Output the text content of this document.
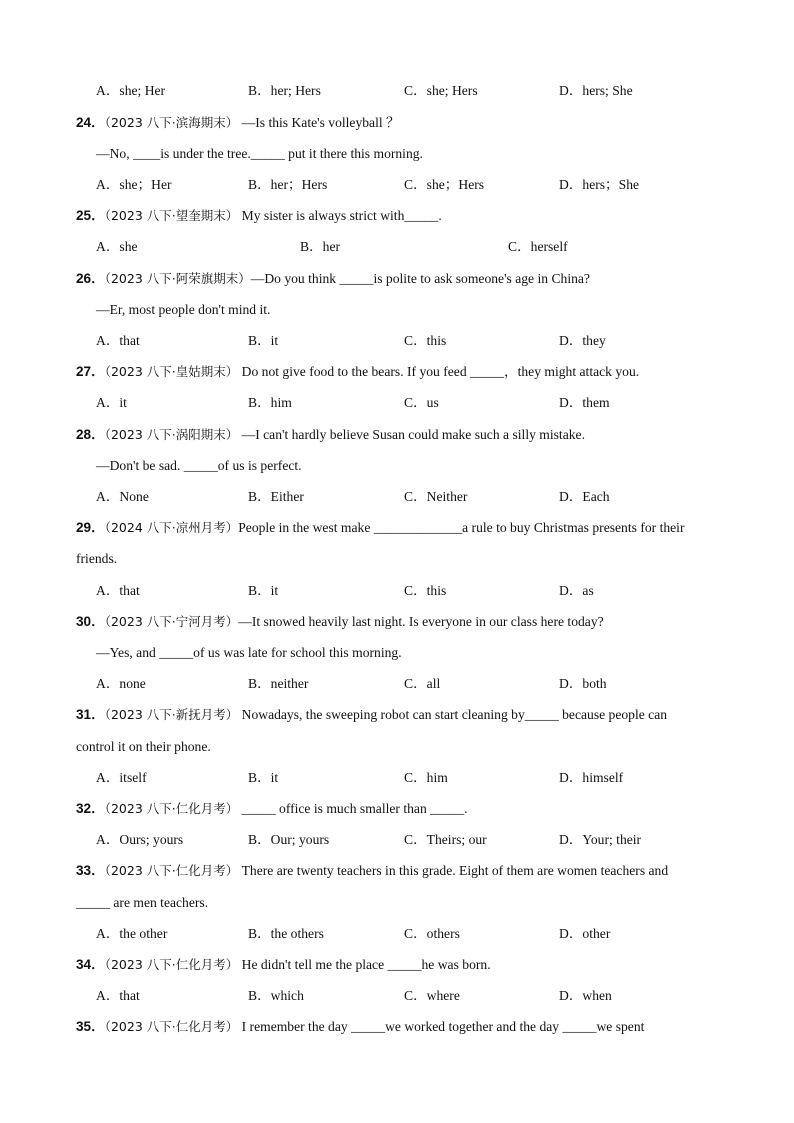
A．she; Her	B．her; Hers	C．she; Hers	D．hers; She
24．（2023 八下·滨海期末） —Is this Kate's volleyball ？
—No, ____is under the tree._____ put it there this morning.
A．she；Her	B．her；Hers	C．she；Hers	D．hers；She
25．（2023 八下·望奎期末） My sister is always strict with_____.
A．she	B．her	C．herself
26．（2023 八下·阿荣旗期末）—Do you think _____is polite to ask someone's age in China?
—Er, most people don't mind it.
A．that	B．it	C．this	D．they
27．（2023 八下·皇姑期末） Do not give food to the bears. If you feed _____，they might attack you.
A．it	B．him	C．us	D．them
28．（2023 八下·涡阳期末） —I can't hardly believe Susan could make such a silly mistake.
—Don't be sad. _____of us is perfect.
A．None	B．Either	C．Neither	D．Each
29．（2024 八下·凉州月考）People in the west make _____________a rule to buy Christmas presents for their
friends.
A．that	B．it	C．this	D．as
30．（2023 八下·宁河月考）—It snowed heavily last night. Is everyone in our class here today?
—Yes, and _____of us was late for school this morning.
A．none	B．neither	C．all	D．both
31．（2023 八下·新抚月考） Nowadays, the sweeping robot can start cleaning by_____ because people can
control it on their phone.
A．itself	B．it	C．him	D．himself
32．（2023 八下·仁化月考） _____ office is much smaller than _____.
A．Ours; yours	B．Our; yours	C．Theirs; our	D．Your; their
33．（2023 八下·仁化月考） There are twenty teachers in this grade. Eight of them are women teachers and
_____ are men teachers.
A．the other	B．the others	C．others	D．other
34．（2023 八下·仁化月考） He didn't tell me the place _____he was born.
A．that	B．which	C．where	D．when
35．（2023 八下·仁化月考） I remember the day _____we worked together and the day _____we spent
